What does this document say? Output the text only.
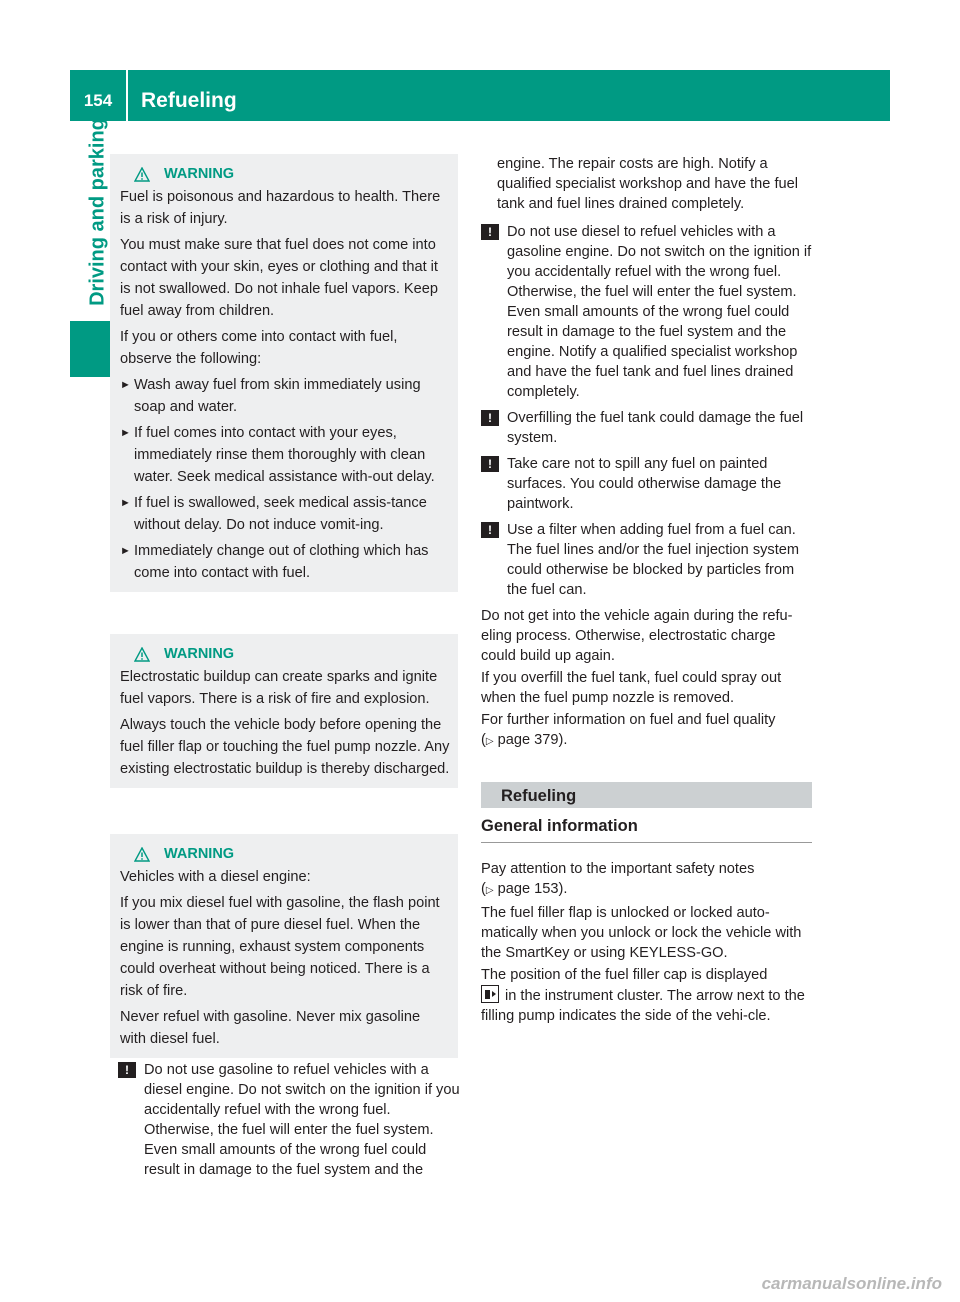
154	Refueling
Driving and parking	WARNING

Fuel is poisonous and hazardous to health. There is a risk of injury.

You must make sure that fuel does not come into contact with your skin, eyes or clothing and that it is not swallowed. Do not inhale fuel vapors. Keep fuel away from children.

If you or others come into contact with fuel, observe the following:

► Wash away fuel from skin immediately using soap and water.
► If fuel comes into contact with your eyes, immediately rinse them thoroughly with clean water. Seek medical assistance with-out delay.
► If fuel is swallowed, seek medical assis-tance without delay. Do not induce vomit-ing.
► Immediately change out of clothing which has come into contact with fuel.
WARNING

Electrostatic buildup can create sparks and ignite fuel vapors. There is a risk of fire and explosion.

Always touch the vehicle body before opening the fuel filler flap or touching the fuel pump nozzle. Any existing electrostatic buildup is thereby discharged.

WARNING

Vehicles with a diesel engine:

If you mix diesel fuel with gasoline, the flash point is lower than that of pure diesel fuel. When the engine is running, exhaust system components could overheat without being noticed. There is a risk of fire.

Never refuel with gasoline. Never mix gasoline with diesel fuel.

!	Do not use gasoline to refuel vehicles with a diesel engine. Do not switch on the ignition if you accidentally refuel with the wrong fuel. Otherwise, the fuel will enter the fuel system. Even small amounts of the wrong fuel could result in damage to the fuel system and the

engine. The repair costs are high. Notify a qualified specialist workshop and have the fuel tank and fuel lines drained completely.

!	Do not use diesel to refuel vehicles with a gasoline engine. Do not switch on the ignition if you accidentally refuel with the wrong fuel. Otherwise, the fuel will enter the fuel system. Even small amounts of the wrong fuel could result in damage to the fuel system and the engine. Notify a qualified specialist workshop and have the fuel tank and fuel lines drained completely.
!	Overfilling the fuel tank could damage the fuel system.
!	Take care not to spill any fuel on painted surfaces. You could otherwise damage the paintwork.
!	Use a filter when adding fuel from a fuel can. The fuel lines and/or the fuel injection system could otherwise be blocked by particles from the fuel can.

Do not get into the vehicle again during the refu-eling process. Otherwise, electrostatic charge could build up again.

If you overfill the fuel tank, fuel could spray out when the fuel pump nozzle is removed.

For further information on fuel and fuel quality
(▷ page 379).

Refueling
General information

Pay attention to the important safety notes
(▷ page 153).

The fuel filler flap is unlocked or locked auto-matically when you unlock or lock the vehicle with the SmartKey or using KEYLESS-GO.

The position of the fuel filler cap is displayed

in the instrument cluster. The arrow next to the filling pump indicates the side of the vehi-cle.

carmanualsonline.info
